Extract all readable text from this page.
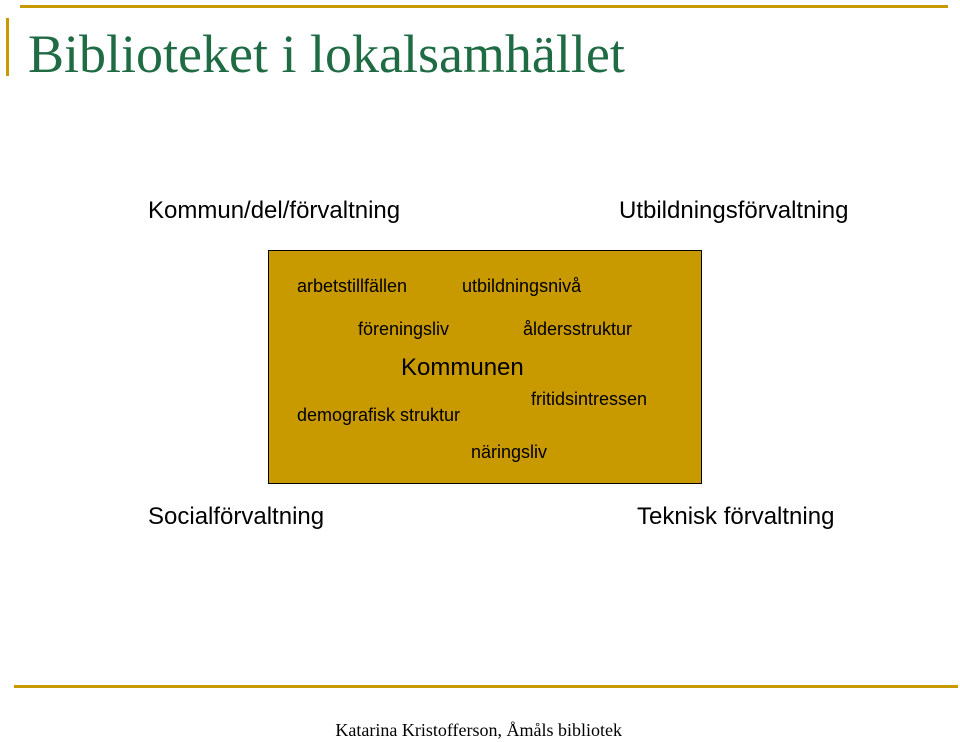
Biblioteket i lokalsamhället
Kommun/del/förvaltning	Utbildningsförvaltning
arbetstillfällen	utbildningsnivå
föreningsliv	åldersstruktur
Kommunen
fritidsintressen
demografisk struktur
näringsliv
Socialförvaltning	Teknisk förvaltning
Katarina Kristofferson, Åmåls bibliotek
